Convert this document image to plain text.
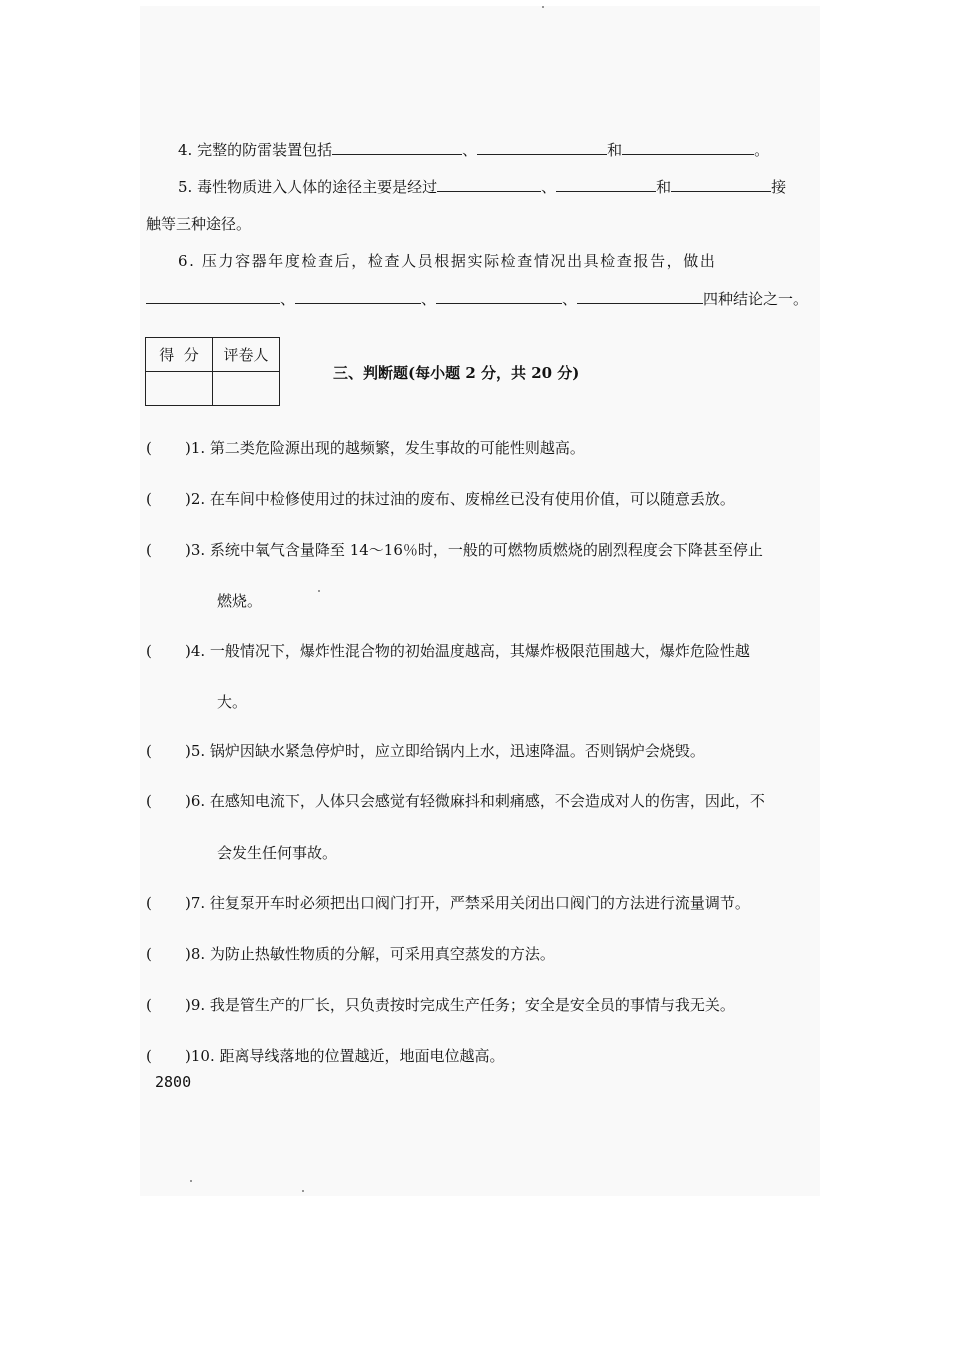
4. 完整的防雷装置包括	、	和	。
5. 毒性物质进入人体的途径主要是经过	、	和	接
触等三种途径。
6. 压力容器年度检查后，检查人员根据实际检查情况出具检查报告，做出
、	、	、	四种结论之一。
得  分	评卷人

三、判断题(每小题 2 分，共 20 分)
( )1. 第二类危险源出现的越频繁，发生事故的可能性则越高。
( )2. 在车间中检修使用过的抹过油的废布、废棉丝已没有使用价值，可以随意丢放。
( )3. 系统中氧气含量降至 14～16％时，一般的可燃物质燃烧的剧烈程度会下降甚至停止
燃烧。
( )4. 一般情况下，爆炸性混合物的初始温度越高，其爆炸极限范围越大，爆炸危险性越
大。
( )5. 锅炉因缺水紧急停炉时，应立即给锅内上水，迅速降温。否则锅炉会烧毁。
( )6. 在感知电流下，人体只会感觉有轻微麻抖和刺痛感，不会造成对人的伤害，因此，不
会发生任何事故。
( )7. 往复泵开车时必须把出口阀门打开，严禁采用关闭出口阀门的方法进行流量调节。
( )8. 为防止热敏性物质的分解，可采用真空蒸发的方法。
( )9. 我是管生产的厂长，只负责按时完成生产任务；安全是安全员的事情与我无关。
( )10. 距离导线落地的位置越近，地面电位越高。
2800
